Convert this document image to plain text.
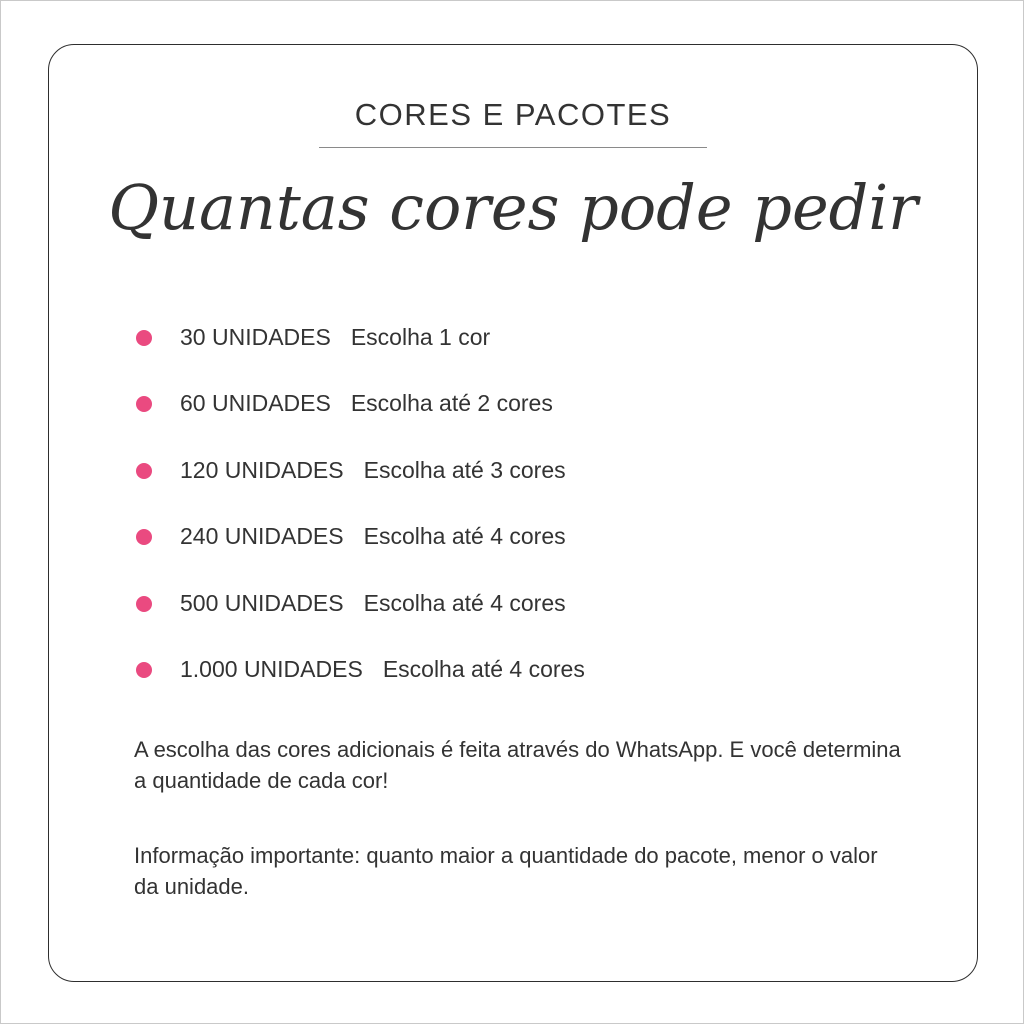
CORES E PACOTES
Quantas cores pode pedir
30 UNIDADES Escolha 1 cor
60 UNIDADES Escolha até 2 cores
120 UNIDADES Escolha até 3 cores
240 UNIDADES Escolha até 4 cores
500 UNIDADES Escolha até 4 cores
1.000 UNIDADES Escolha até 4 cores

A escolha das cores adicionais é feita através do WhatsApp. E você determina a quantidade de cada cor!

Informação importante: quanto maior a quantidade do pacote, menor o valor da unidade.
